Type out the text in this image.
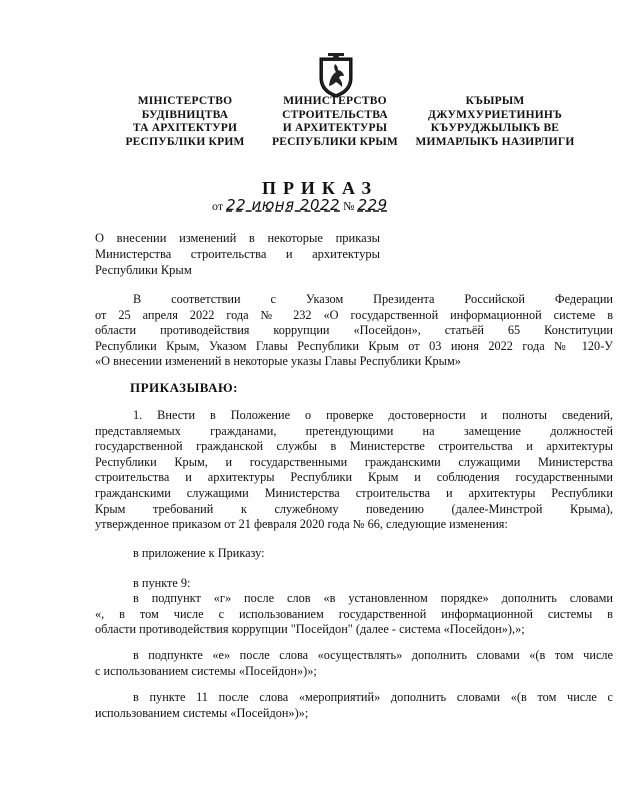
МІНІСТЕРСТВО
БУДІВНИЦТВА
ТА АРХІТЕКТУРИ
РЕСПУБЛІКИ КРИМ
МИНИСТЕРСТВО
СТРОИТЕЛЬСТВА
И АРХИТЕКТУРЫ
РЕСПУБЛИКИ КРЫМ
КЪЫРЫМ
ДЖУМХУРИЕТИНИНЪ
КЪУРУДЖЫЛЫКЪ ВЕ
МИМАРЛЫКЪ НАЗИРЛИГИ
ПРИКАЗ
от 22 июня 2022 № 229
О внесении изменений в некоторые приказы
Министерства строительства и архитектуры
Республики Крым
В соответствии с Указом Президента Российской Федерации
от 25 апреля 2022 года № 232 «О государственной информационной системе в
области противодействия коррупции «Посейдон», статьёй 65 Конституции
Республики Крым, Указом Главы Республики Крым от 03 июня 2022 года № 120-У
«О внесении изменений в некоторые указы Главы Республики Крым»
ПРИКАЗЫВАЮ:
1. Внести в Положение о проверке достоверности и полноты сведений,
представляемых гражданами, претендующими на замещение должностей
государственной гражданской службы в Министерстве строительства и архитектуры
Республики Крым, и государственными гражданскими служащими Министерства
строительства и архитектуры Республики Крым и соблюдения государственными
гражданскими служащими Министерства строительства и архитектуры Республики
Крым требований к служебному поведению (далее-Минстрой Крыма),
утвержденное приказом от 21 февраля 2020 года № 66, следующие изменения:
в приложение к Приказу:
в пункте 9:
в подпункт «г» после слов «в установленном порядке» дополнить словами
«, в том числе с использованием государственной информационной системы в
области противодействия коррупции "Посейдон" (далее - система «Посейдон»),»;
в подпункте «е» после слова «осуществлять» дополнить словами «(в том числе
с использованием системы «Посейдон»)»;
в пункте 11 после слова «мероприятий» дополнить словами «(в том числе с
использованием системы «Посейдон»)»;
